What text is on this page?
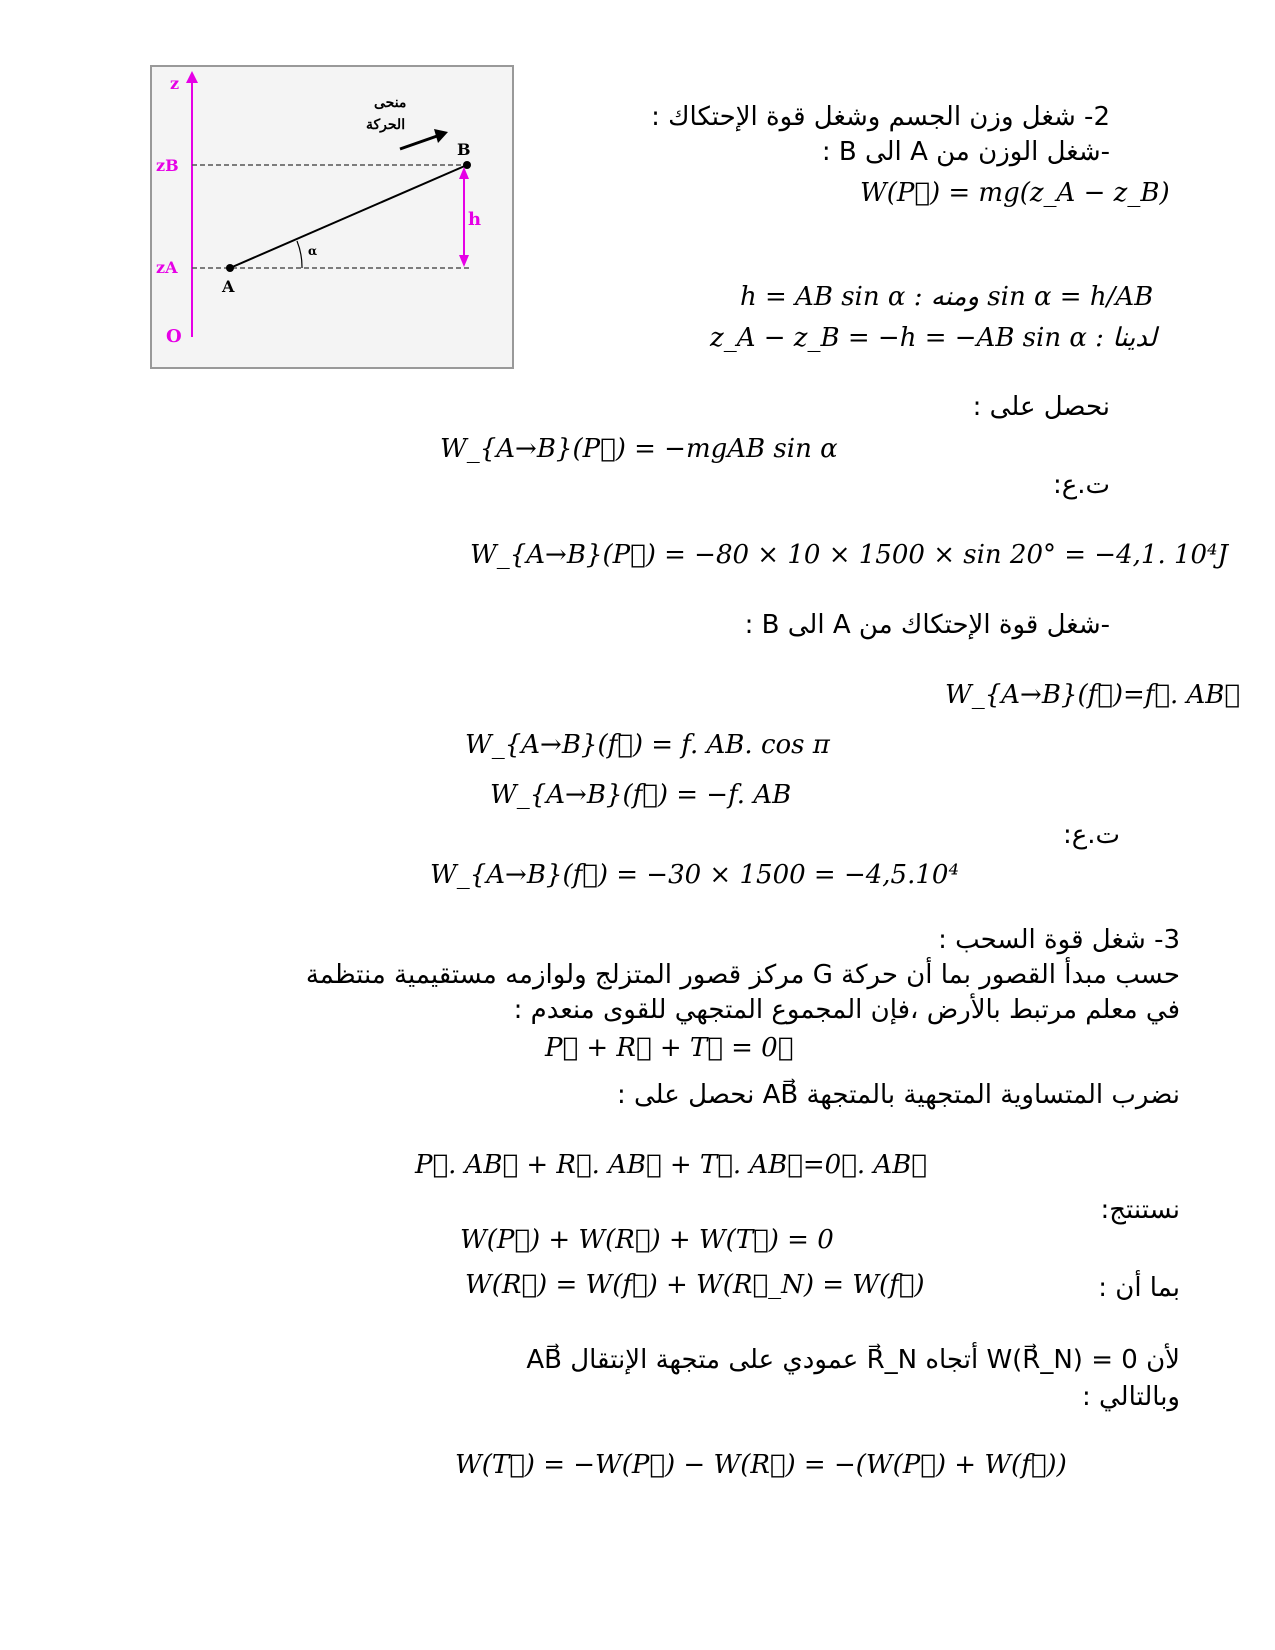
z
O
zB
zA
A
B
α
h
منحى
الحركة	2- شغل وزن الجسم وشغل قوة الإحتكاك :
-شغل الوزن من A الى B :
W(P⃗) = mg(z_A − z_B)
h = AB sin α : ومنه sin α = h/AB
z_A − z_B = −h = −AB sin α : لدينا
نحصل على :
W_{A→B}(P⃗) = −mgAB sin α
ت.ع:
W_{A→B}(P⃗) = −80 × 10 × 1500 × sin 20° = −4,1. 10⁴J
-شغل قوة الإحتكاك من A الى B :
W_{A→B}(f⃗)=f⃗. AB⃗
W_{A→B}(f⃗) = f. AB. cos π
W_{A→B}(f⃗) = −f. AB
ت.ع:
W_{A→B}(f⃗) = −30 × 1500 = −4,5.10⁴
3- شغل قوة السحب :
حسب مبدأ القصور بما أن حركة G مركز قصور المتزلج ولوازمه مستقيمية منتظمة
في معلم مرتبط بالأرض ،فإن المجموع المتجهي للقوى منعدم :
P⃗ + R⃗ + T⃗ = 0⃗
نضرب المتساوية المتجهية بالمتجهة AB⃗ نحصل على :
P⃗. AB⃗ + R⃗. AB⃗ + T⃗. AB⃗=0⃗. AB⃗
نستنتج:
W(P⃗) + W(R⃗) + W(T⃗) = 0
W(R⃗) = W(f⃗) + W(R⃗_N) = W(f⃗)	بما أن :
لأن W(R⃗_N) = 0 أتجاه R⃗_N عمودي على متجهة الإنتقال AB⃗
وبالتالي :
W(T⃗) = −W(P⃗) − W(R⃗) = −(W(P⃗) + W(f⃗))
